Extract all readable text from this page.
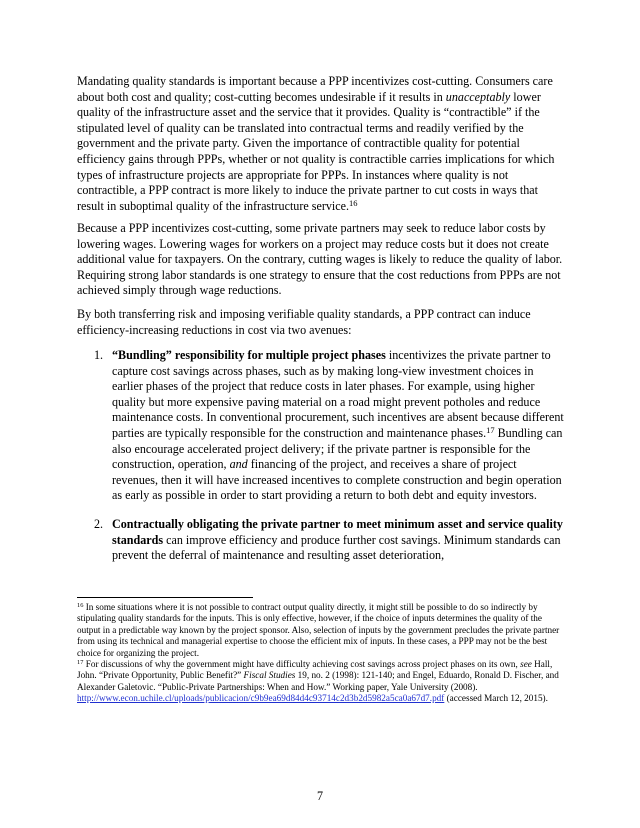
Mandating quality standards is important because a PPP incentivizes cost-cutting. Consumers care about both cost and quality; cost-cutting becomes undesirable if it results in unacceptably lower quality of the infrastructure asset and the service that it provides. Quality is “contractible” if the stipulated level of quality can be translated into contractual terms and readily verified by the government and the private party. Given the importance of contractible quality for potential efficiency gains through PPPs, whether or not quality is contractible carries implications for which types of infrastructure projects are appropriate for PPPs. In instances where quality is not contractible, a PPP contract is more likely to induce the private partner to cut costs in ways that result in suboptimal quality of the infrastructure service.$^{16}$

Because a PPP incentivizes cost-cutting, some private partners may seek to reduce labor costs by lowering wages. Lowering wages for workers on a project may reduce costs but it does not create additional value for taxpayers. On the contrary, cutting wages is likely to reduce the quality of labor. Requiring strong labor standards is one strategy to ensure that the cost reductions from PPPs are not achieved simply through wage reductions.

By both transferring risk and imposing verifiable quality standards, a PPP contract can induce efficiency-increasing reductions in cost via two avenues:

1. “Bundling” responsibility for multiple project phases incentivizes the private partner to capture cost savings across phases, such as by making long-view investment choices in earlier phases of the project that reduce costs in later phases. For example, using higher quality but more expensive paving material on a road might prevent potholes and reduce maintenance costs. In conventional procurement, such incentives are absent because different parties are typically responsible for the construction and maintenance phases.$^{17}$ Bundling can also encourage accelerated project delivery; if the private partner is responsible for the construction, operation, and financing of the project, and receives a share of project revenues, then it will have increased incentives to complete construction and begin operation as early as possible in order to start providing a return to both debt and equity investors.
2. Contractually obligating the private partner to meet minimum asset and service quality standards can improve efficiency and produce further cost savings. Minimum standards can prevent the deferral of maintenance and resulting asset deterioration,

$^{16}$ In some situations where it is not possible to contract output quality directly, it might still be possible to do so indirectly by stipulating quality standards for the inputs. This is only effective, however, if the choice of inputs determines the quality of the output in a predictable way known by the project sponsor. Also, selection of inputs by the government precludes the private partner from using its technical and managerial expertise to choose the efficient mix of inputs. In these cases, a PPP may not be the best choice for organizing the project.

$^{17}$ For discussions of why the government might have difficulty achieving cost savings across project phases on its own, see Hall, John. “Private Opportunity, Public Benefit?” Fiscal Studies 19, no. 2 (1998): 121-140; and Engel, Eduardo, Ronald D. Fischer, and Alexander Galetovic. “Public-Private Partnerships: When and How.” Working paper, Yale University (2008).
http://www.econ.uchile.cl/uploads/publicacion/c9b9ea69d84d4c93714c2d3b2d5982a5ca0a67d7.pdf (accessed March 12, 2015).

7
